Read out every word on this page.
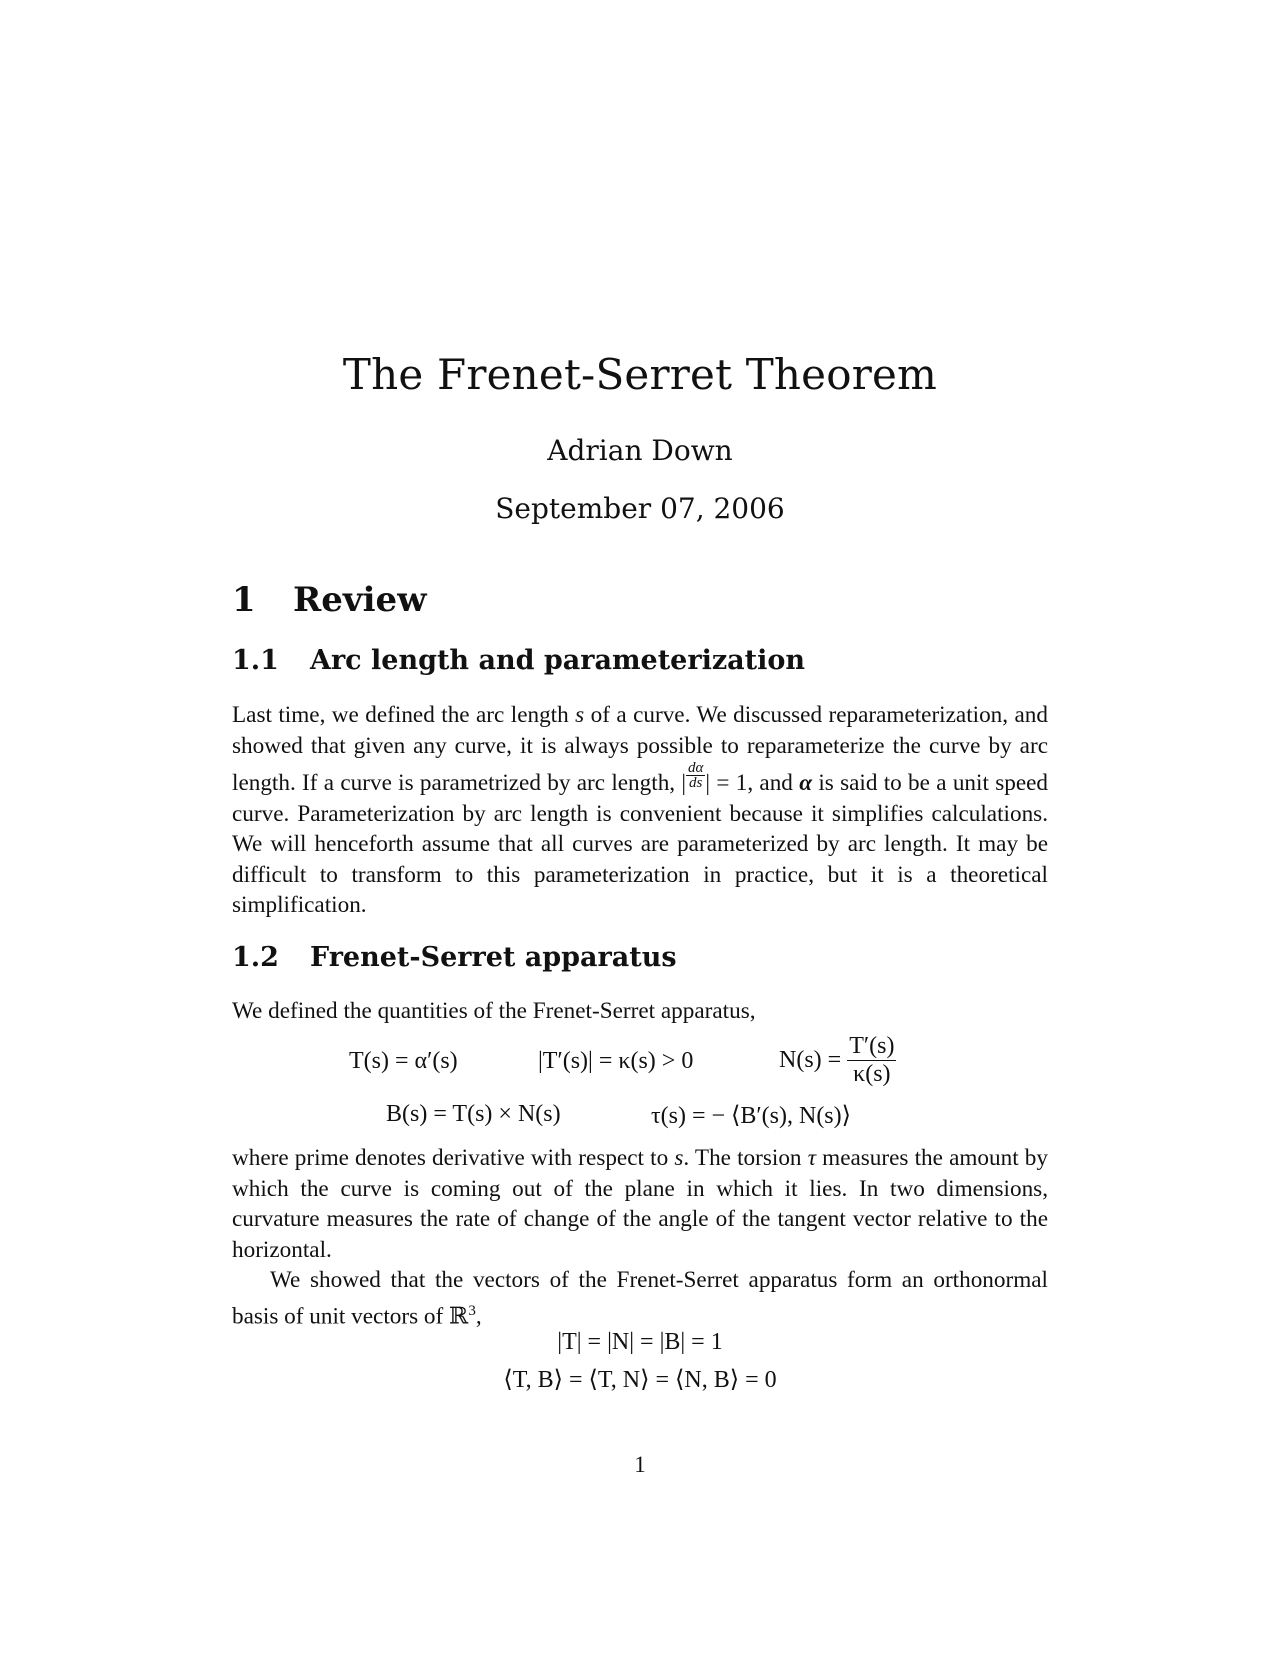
The Frenet-Serret Theorem
Adrian Down
September 07, 2006
1 Review
1.1 Arc length and parameterization

Last time, we defined the arc length s of a curve. We discussed reparameterization, and showed that given any curve, it is always possible to reparameterize the curve by arc length. If a curve is parametrized by arc length, | $\frac{d\alpha}{ds}$ | = 1, and α is said to be a unit speed curve. Parameterization by arc length is convenient because it simplifies calculations. We will henceforth assume that all curves are parameterized by arc length. It may be difficult to transform to this parameterization in practice, but it is a theoretical simplification.

1.2 Frenet-Serret apparatus

We defined the quantities of the Frenet-Serret apparatus,

T(s) = α′(s)	|T′(s)| = κ(s) > 0	$N(s) = \frac{T'(s)}{\kappa(s)}$
B(s) = T(s) × N(s)	τ(s) = − ⟨B′(s), N(s)⟩

where prime denotes derivative with respect to s. The torsion τ measures the amount by which the curve is coming out of the plane in which it lies. In two dimensions, curvature measures the rate of change of the angle of the tangent vector relative to the horizontal.

We showed that the vectors of the Frenet-Serret apparatus form an orthonormal basis of unit vectors of ℝ$^3$,

|T| = |N| = |B| = 1
⟨T, B⟩ = ⟨T, N⟩ = ⟨N, B⟩ = 0
1
